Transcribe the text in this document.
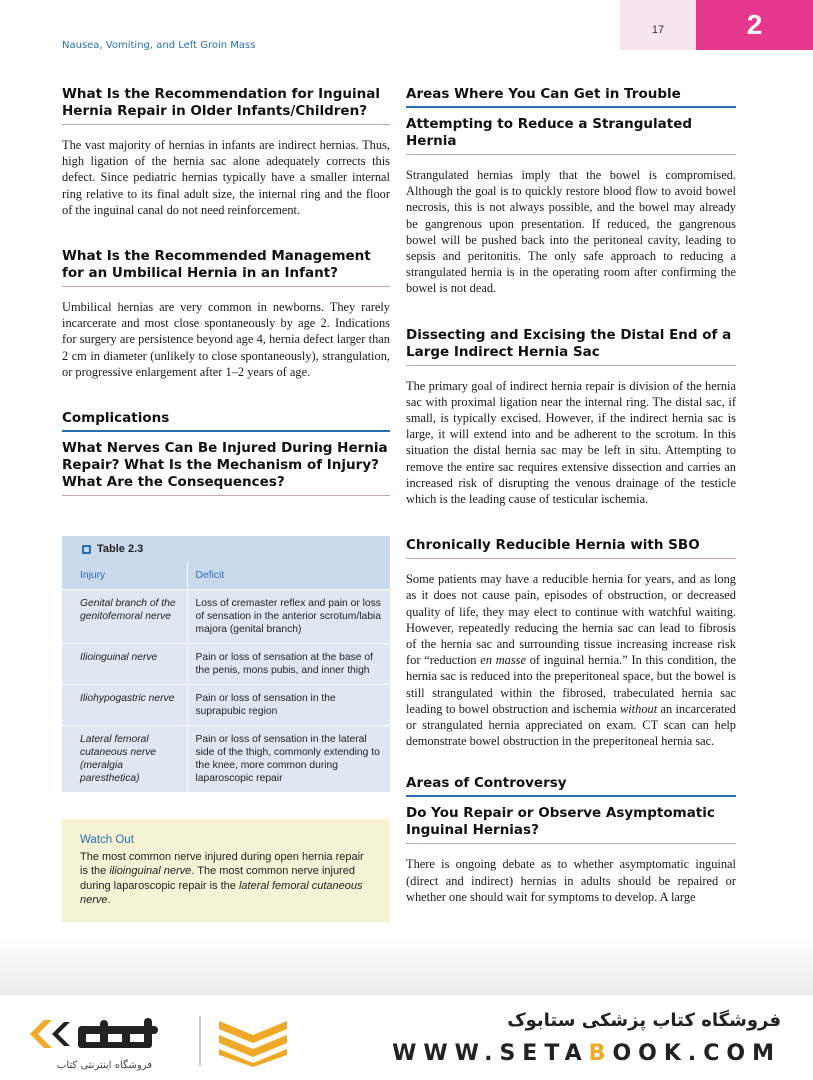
Nausea, Vomiting, and Left Groin Mass
17	2
What Is the Recommendation for Inguinal Hernia Repair in Older Infants/Children?

The vast majority of hernias in infants are indirect hernias. Thus, high ligation of the hernia sac alone adequately corrects this defect. Since pediatric hernias typically have a smaller internal ring relative to its final adult size, the internal ring and the floor of the inguinal canal do not need reinforcement.

What Is the Recommended Management for an Umbilical Hernia in an Infant?

Umbilical hernias are very common in newborns. They rarely incarcerate and most close spontaneously by age 2. Indications for surgery are persistence beyond age 4, hernia defect larger than 2 cm in diameter (unlikely to close spontaneously), strangulation, or progressive enlargement after 1–2 years of age.

Complications
What Nerves Can Be Injured During Hernia Repair? What Is the Mechanism of Injury? What Are the Consequences?
Table 2.3
Injury	Deficit
Genital branch of the genitofemoral nerve	Loss of cremaster reflex and pain or loss of sensation in the anterior scrotum/labia majora (genital branch)
Ilioinguinal nerve	Pain or loss of sensation at the base of the penis, mons pubis, and inner thigh
Iliohypogastric nerve	Pain or loss of sensation in the suprapubic region
Lateral femoral cutaneous nerve (meralgia paresthetica)	Pain or loss of sensation in the lateral side of the thigh, commonly extending to the knee, more common during laparoscopic repair
Watch Out
The most common nerve injured during open hernia repair is the ilioinguinal nerve. The most common nerve injured during laparoscopic repair is the lateral femoral cutaneous nerve.
Areas Where You Can Get in Trouble
Attempting to Reduce a Strangulated Hernia

Strangulated hernias imply that the bowel is compromised. Although the goal is to quickly restore blood flow to avoid bowel necrosis, this is not always possible, and the bowel may already be gangrenous upon presentation. If reduced, the gangrenous bowel will be pushed back into the peritoneal cavity, leading to sepsis and peritonitis. The only safe approach to reducing a strangulated hernia is in the operating room after confirming the bowel is not dead.

Dissecting and Excising the Distal End of a Large Indirect Hernia Sac

The primary goal of indirect hernia repair is division of the hernia sac with proximal ligation near the internal ring. The distal sac, if small, is typically excised. However, if the indirect hernia sac is large, it will extend into and be adherent to the scrotum. In this situation the distal hernia sac may be left in situ. Attempting to remove the entire sac requires extensive dissection and carries an increased risk of disrupting the venous drainage of the testicle which is the leading cause of testicular ischemia.

Chronically Reducible Hernia with SBO

Some patients may have a reducible hernia for years, and as long as it does not cause pain, episodes of obstruction, or decreased quality of life, they may elect to continue with watchful waiting. However, repeatedly reducing the hernia sac can lead to fibrosis of the hernia sac and surrounding tissue increasing increase risk for “reduction en masse of inguinal hernia.” In this condition, the hernia sac is reduced into the preperitoneal space, but the bowel is still strangulated within the fibrosed, trabeculated hernia sac leading to bowel obstruction and ischemia without an incarcerated or strangulated hernia appreciated on exam. CT scan can help demonstrate bowel obstruction in the preperitoneal hernia sac.

Areas of Controversy
Do You Repair or Observe Asymptomatic Inguinal Hernias?

There is ongoing debate as to whether asymptomatic inguinal (direct and indirect) hernias in adults should be repaired or whether one should wait for symptoms to develop. A large

فروشگاه اینترنتی کتاب
فروشگاه کتاب پزشکی ستابوک
WWW.SETABOOK.COM
